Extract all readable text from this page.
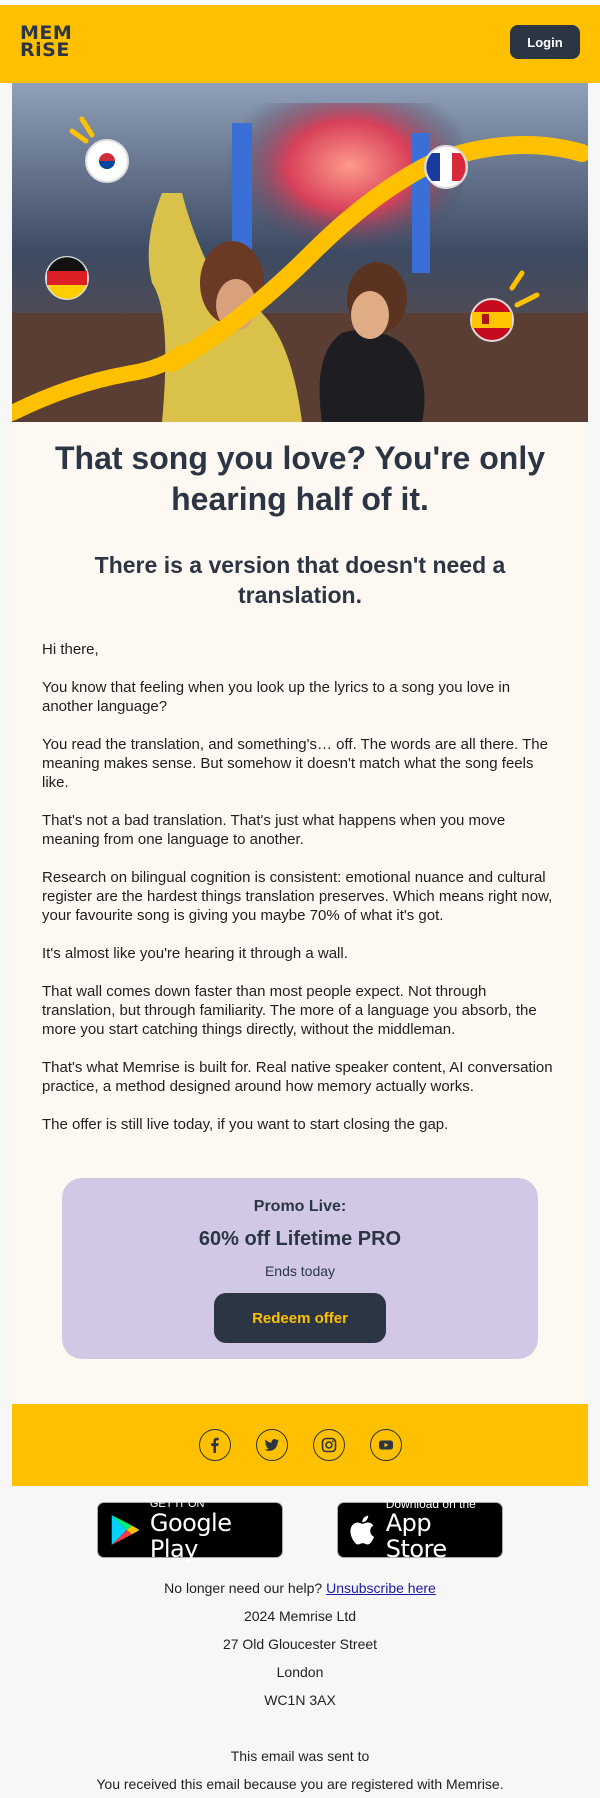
MEM
RiSE	Login
That song you love? You're only hearing half of it.
There is a version that doesn't need a translation.

Hi there,

You know that feeling when you look up the lyrics to a song you love in another language?

You read the translation, and something's… off. The words are all there. The meaning makes sense. But somehow it doesn't match what the song feels like.

That's not a bad translation. That's just what happens when you move meaning from one language to another.

Research on bilingual cognition is consistent: emotional nuance and cultural register are the hardest things translation preserves. Which means right now, your favourite song is giving you maybe 70% of what it's got.

It's almost like you're hearing it through a wall.

That wall comes down faster than most people expect. Not through translation, but through familiarity. The more of a language you absorb, the more you start catching things directly, without the middleman.

That's what Memrise is built for. Real native speaker content, AI conversation practice, a method designed around how memory actually works.

The offer is still live today, if you want to start closing the gap.

Promo Live:
60% off Lifetime PRO
Ends today
Redeem offer
GET IT ON
Google Play
Download on the
App Store
No longer need our help? Unsubscribe here
2024 Memrise Ltd
27 Old Gloucester Street
London
WC1N 3AX
This email was sent to
You received this email because you are registered with Memrise.
